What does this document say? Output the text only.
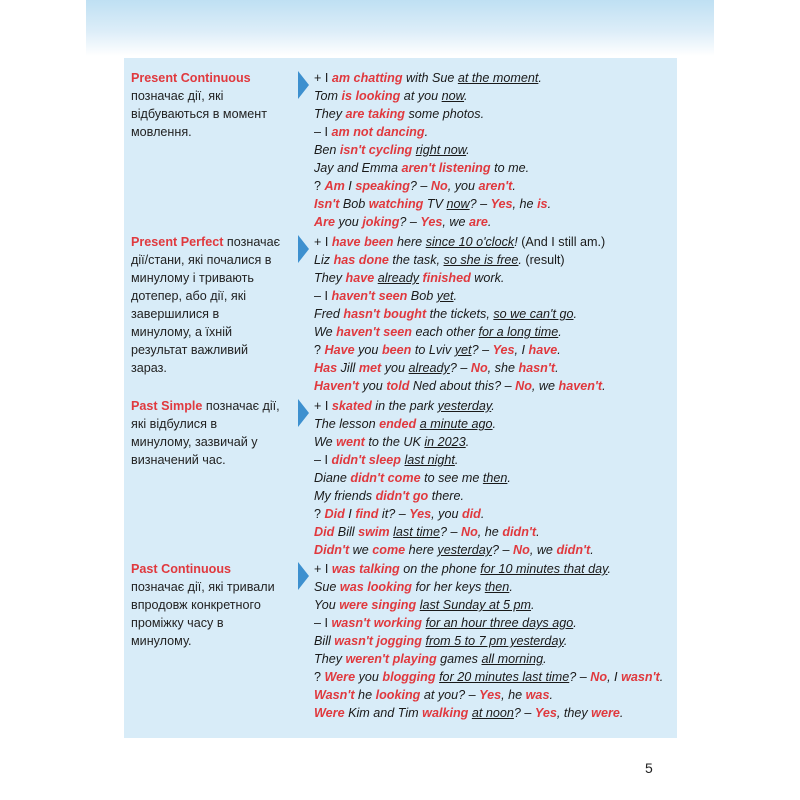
Present Continuous позначає дії, які відбуваються в момент мовлення.
+ I am chatting with Sue at the moment.
Tom is looking at you now.
They are taking some photos.
– I am not dancing.
Ben isn't cycling right now.
Jay and Emma aren't listening to me.
? Am I speaking? – No, you aren't.
Isn't Bob watching TV now? – Yes, he is.
Are you joking? – Yes, we are.
Present Perfect позначає дії/стани, які почалися в минулому і тривають дотепер, або дії, які завершилися в минулому, а їхній результат важливий зараз.
+ I have been here since 10 o'clock! (And I still am.)
Liz has done the task, so she is free. (result)
They have already finished work.
– I haven't seen Bob yet.
Fred hasn't bought the tickets, so we can't go.
We haven't seen each other for a long time.
? Have you been to Lviv yet? – Yes, I have.
Has Jill met you already? – No, she hasn't.
Haven't you told Ned about this? – No, we haven't.
Past Simple позначає дії, які відбулися в минулому, зазвичай у визначений час.
+ I skated in the park yesterday.
The lesson ended a minute ago.
We went to the UK in 2023.
– I didn't sleep last night.
Diane didn't come to see me then.
My friends didn't go there.
? Did I find it? – Yes, you did.
Did Bill swim last time? – No, he didn't.
Didn't we come here yesterday? – No, we didn't.
Past Continuous позначає дії, які тривали впродовж конкретного проміжку часу в минулому.
+ I was talking on the phone for 10 minutes that day.
Sue was looking for her keys then.
You were singing last Sunday at 5 pm.
– I wasn't working for an hour three days ago.
Bill wasn't jogging from 5 to 7 pm yesterday.
They weren't playing games all morning.
? Were you blogging for 20 minutes last time? – No, I wasn't.
Wasn't he looking at you? – Yes, he was.
Were Kim and Tim walking at noon? – Yes, they were.
5
